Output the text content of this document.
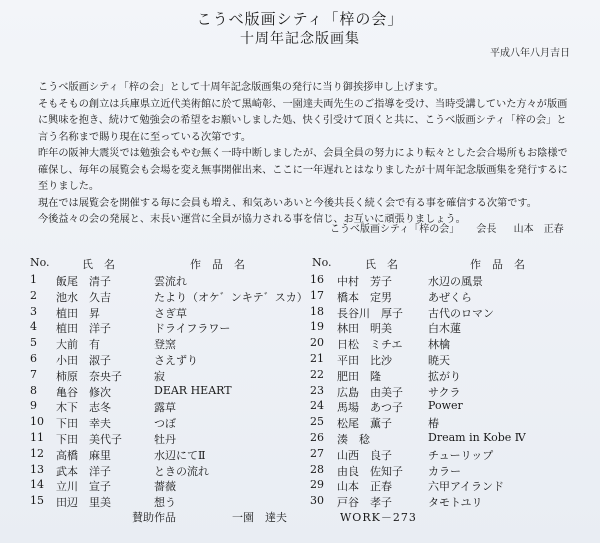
こうべ版画シティ「梓の会」
十周年記念版画集
平成八年八月吉日

こうべ版画シティ「梓の会」として十周年記念版画集の発行に当り御挨拶申し上げます。

そもそもの創立は兵庫県立近代美術館に於て黒崎彰、一園達夫両先生のご指導を受け、当時受講していた方々が版画

に興味を抱き、続けて勉強会の希望をお願いしました処、快く引受けて頂くと共に、こうべ版画シティ「梓の会」と

言う名称まで賜り現在に至っている次第です。

昨年の阪神大震災では勉強会もやむ無く一時中断しましたが、会員全員の努力により転々とした会合場所もお陰様で

確保し、毎年の展覧会も会場を変え無事開催出来、ここに一年遅れとはなりましたが十周年記念版画集を発行するに

至りました。

現在では展覧会を開催する毎に会員も増え、和気あいあいと今後共長く続く会で有る事を確信する次第です。

今後益々の会の発展と、末長い運営に全員が協力される事を信じ、お互いに頑張りましょう。

こうべ版画シティ「梓の会」 会長 山本　正春
No.	氏　名	作　品　名	No.	氏　名	作　品　名
1 飯尾　清子	雲流れ
2 池水　久吉	たより（オケ゛ンキテ゛スカ）
3 植田　昇	さぎ草
4 植田　洋子	ドライフラワー
5 大前　有	登窯
6 小田　淑子	さえずり
7 柿原　奈央子	寂
8 亀谷　修次	DEAR HEART
9 木下　志冬	露草
10 下田　幸夫	つぼ
11 下田　美代子	牡丹
12 高橋　麻里	水辺にてⅡ
13 武本　洋子	ときの流れ
14 立川　宣子	薔薇
15 田辺　里美	想う
16 中村　芳子	水辺の風景
17 橋本　定男	あぜくら
18 長谷川　厚子 古代のロマン
19 林田　明美	白木蓮
20 日松　ミチエ 林檎
21 平田　比沙	暁天
22 肥田　隆	拡がり
23 広島　由美子 サクラ
24 馬場　あつ子 Power
25 松尾　薫子	椿
26 湊　稔	Dream in Kobe Ⅳ
27 山西　良子	チューリップ
28 由良　佐知子 カラー
29 山本　正春	六甲アイランド
30 戸谷　孝子	タモトユリ
賛助作品	一園　達夫	WORK－273
